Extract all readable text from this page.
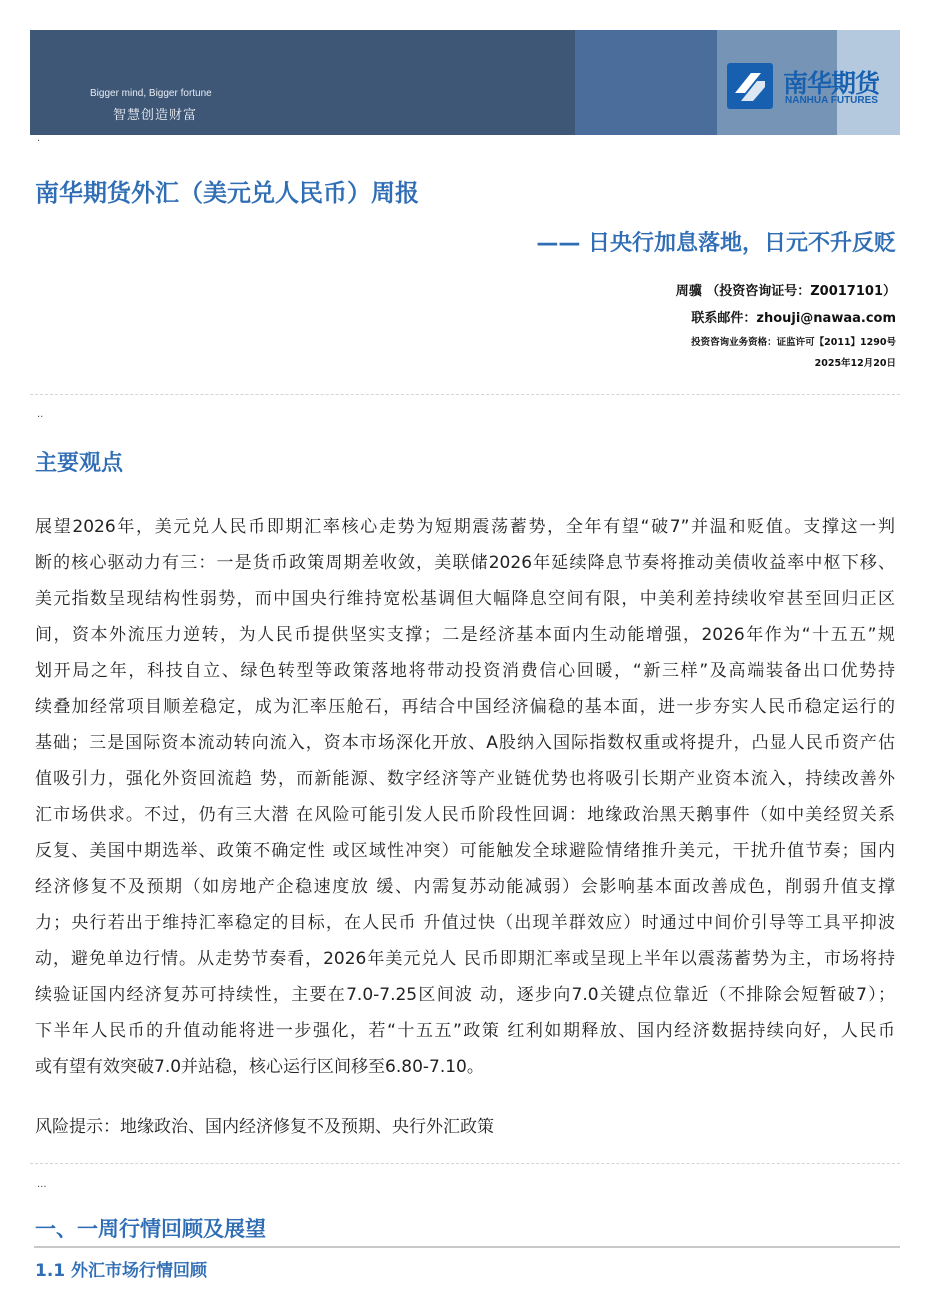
Bigger mind, Bigger fortune
智慧创造财富
南华期货
NANHUA FUTURES
·
南华期货外汇（美元兑人民币）周报
—— 日央行加息落地，日元不升反贬
周骥 （投资咨询证号：Z0017101）
联系邮件：zhouji@nawaa.com
投资咨询业务资格：证监许可【2011】1290号
2025年12月20日
..
主要观点
展望2026年，美元兑人民币即期汇率核心走势为短期震荡蓄势，全年有望“破7”并温和贬值。支撑这一判
断的核心驱动力有三：一是货币政策周期差收敛，美联储2026年延续降息节奏将推动美债收益率中枢下移、
美元指数呈现结构性弱势，而中国央行维持宽松基调但大幅降息空间有限，中美利差持续收窄甚至回归正区
间，资本外流压力逆转，为人民币提供坚实支撑；二是经济基本面内生动能增强，2026年作为“十五五”规
划开局之年，科技自立、绿色转型等政策落地将带动投资消费信心回暖，“新三样”及高端装备出口优势持
续叠加经常项目顺差稳定，成为汇率压舱石，再结合中国经济偏稳的基本面，进一步夯实人民币稳定运行的
基础；三是国际资本流动转向流入，资本市场深化开放、A股纳入国际指数权重或将提升，凸显人民币资产估
值吸引力，强化外资回流趋 势，而新能源、数字经济等产业链优势也将吸引长期产业资本流入，持续改善外
汇市场供求。不过，仍有三大潜 在风险可能引发人民币阶段性回调：地缘政治黑天鹅事件（如中美经贸关系
反复、美国中期选举、政策不确定性 或区域性冲突）可能触发全球避险情绪推升美元，干扰升值节奏；国内
经济修复不及预期（如房地产企稳速度放 缓、内需复苏动能减弱）会影响基本面改善成色，削弱升值支撑
力；央行若出于维持汇率稳定的目标，在人民币 升值过快（出现羊群效应）时通过中间价引导等工具平抑波
动，避免单边行情。从走势节奏看，2026年美元兑人 民币即期汇率或呈现上半年以震荡蓄势为主，市场将持
续验证国内经济复苏可持续性，主要在7.0-7.25区间波 动，逐步向7.0关键点位靠近（不排除会短暂破7）；
下半年人民币的升值动能将进一步强化，若“十五五”政策 红利如期释放、国内经济数据持续向好，人民币
或有望有效突破7.0并站稳，核心运行区间移至6.80-7.10。
风险提示：地缘政治、国内经济修复不及预期、央行外汇政策
...
一、一周行情回顾及展望
1.1 外汇市场行情回顾
